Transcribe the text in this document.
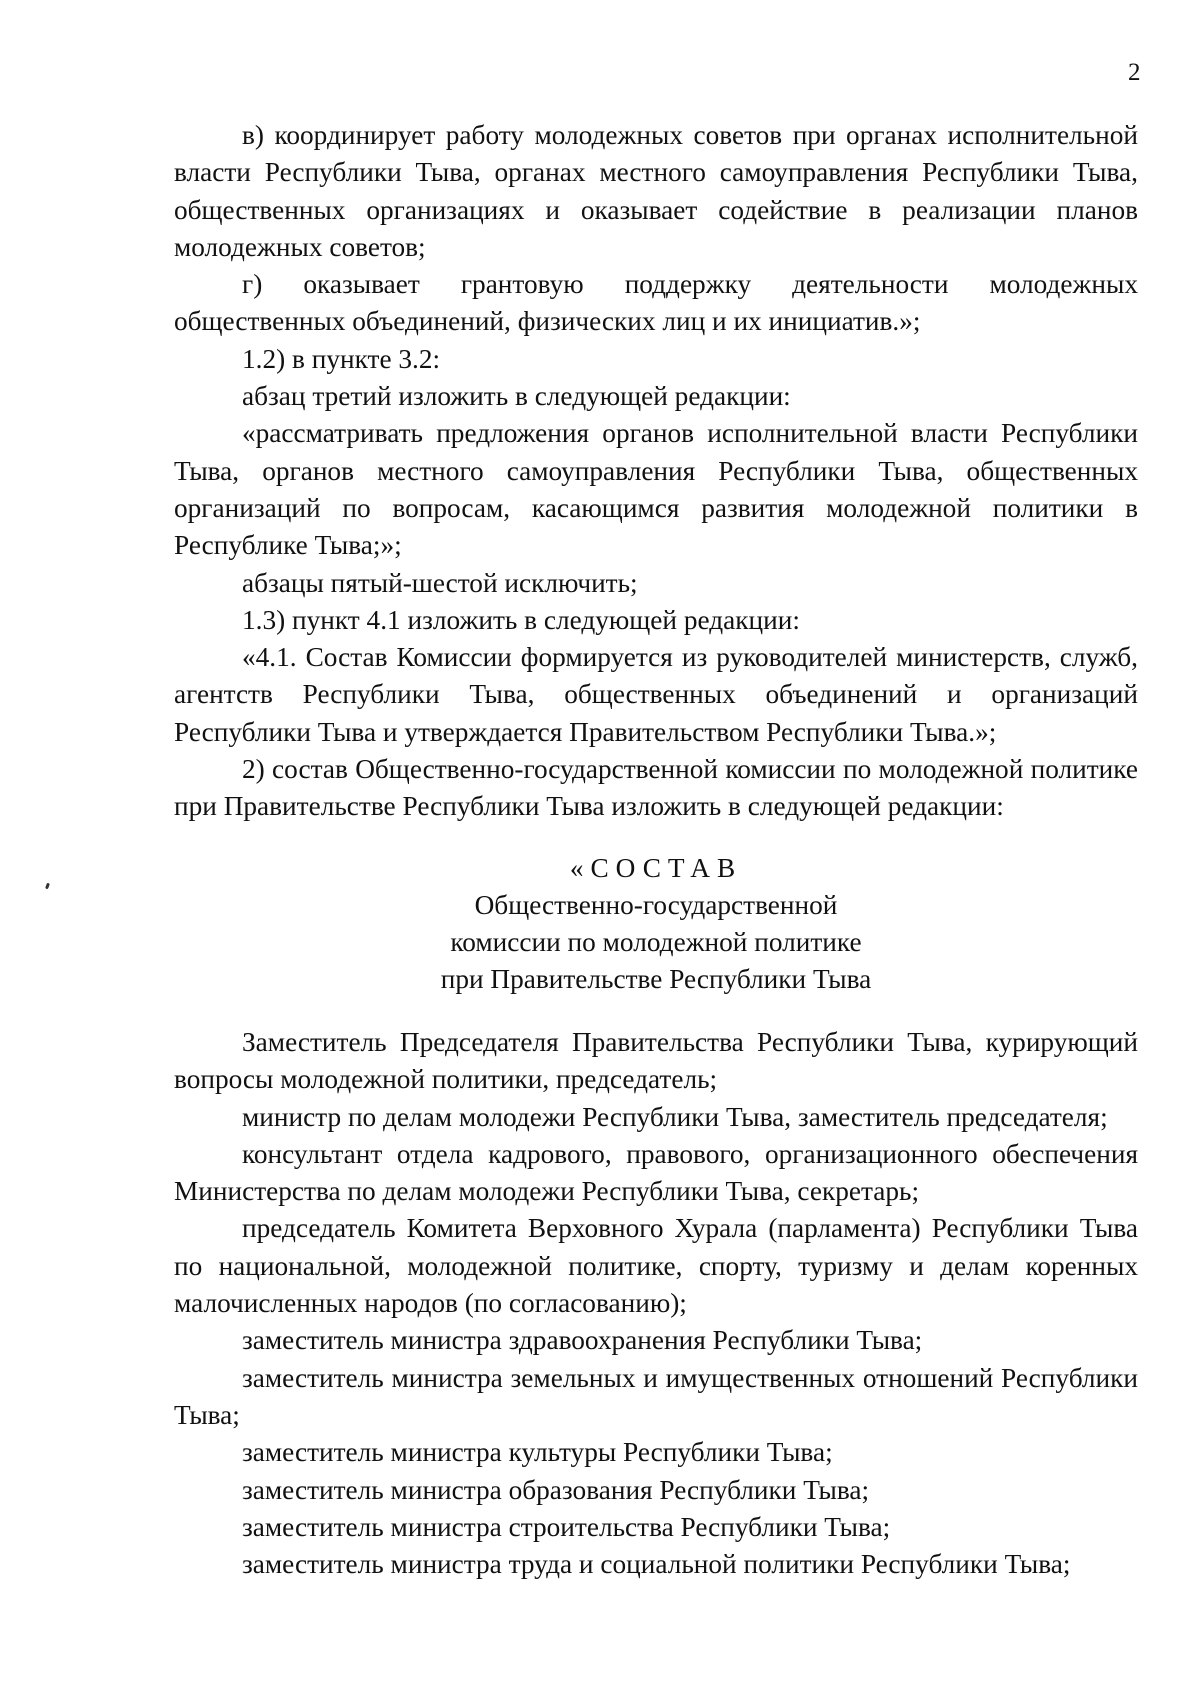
2

в) координирует работу молодежных советов при органах исполнительной власти Республики Тыва, органах местного самоуправления Республики Тыва, общественных организациях и оказывает содействие в реализации планов молодежных советов;

г) оказывает грантовую поддержку деятельности молодежных общественных объединений, физических лиц и их инициатив.»;

1.2) в пункте 3.2:

абзац третий изложить в следующей редакции:

«рассматривать предложения органов исполнительной власти Республики Тыва, органов местного самоуправления Республики Тыва, общественных организаций по вопросам, касающимся развития молодежной политики в Республике Тыва;»;

абзацы пятый-шестой исключить;

1.3) пункт 4.1 изложить в следующей редакции:

«4.1. Состав Комиссии формируется из руководителей министерств, служб, агентств Республики Тыва, общественных объединений и организаций Республики Тыва и утверждается Правительством Республики Тыва.»;

2) состав Общественно-государственной комиссии по молодежной политике при Правительстве Республики Тыва изложить в следующей редакции:

«СОСТАВ
Общественно-государственной
комиссии по молодежной политике
при Правительстве Республики Тыва

Заместитель Председателя Правительства Республики Тыва, курирующий вопросы молодежной политики, председатель;

министр по делам молодежи Республики Тыва, заместитель председателя;

консультант отдела кадрового, правового, организационного обеспечения Министерства по делам молодежи Республики Тыва, секретарь;

председатель Комитета Верховного Хурала (парламента) Республики Тыва по национальной, молодежной политике, спорту, туризму и делам коренных малочисленных народов (по согласованию);

заместитель министра здравоохранения Республики Тыва;

заместитель министра земельных и имущественных отношений Республики Тыва;

заместитель министра культуры Республики Тыва;

заместитель министра образования Республики Тыва;

заместитель министра строительства Республики Тыва;

заместитель министра труда и социальной политики Республики Тыва;
